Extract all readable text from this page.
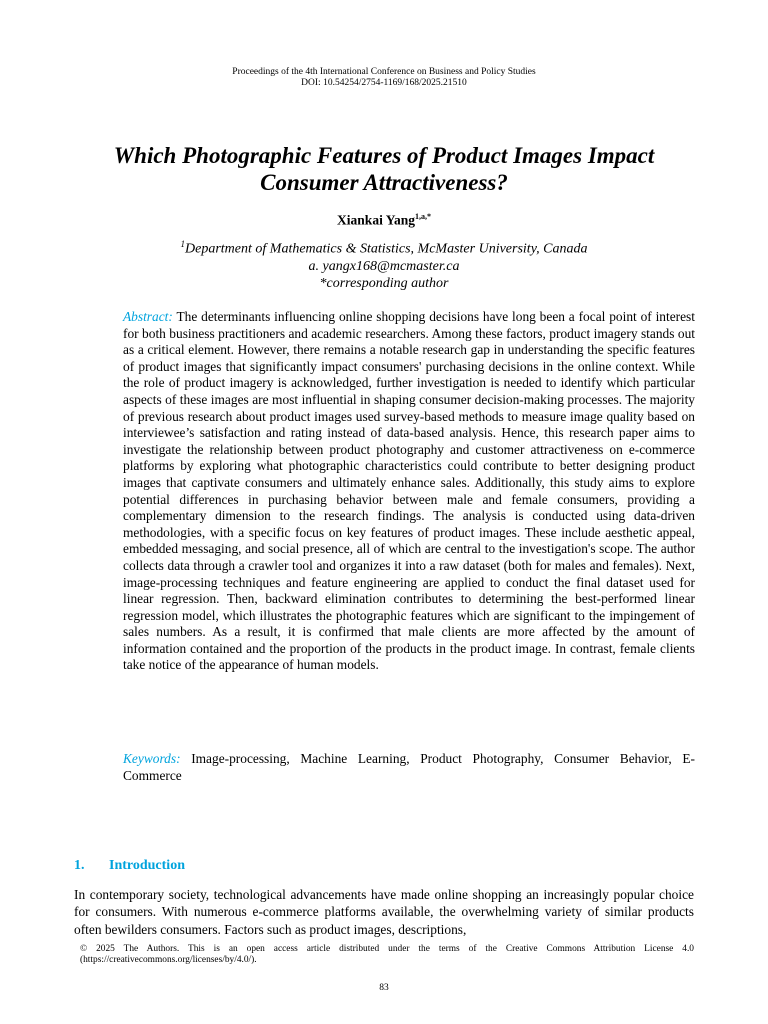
Proceedings of the 4th International Conference on Business and Policy Studies
DOI: 10.54254/2754-1169/168/2025.21510
Which Photographic Features of Product Images Impact
Consumer Attractiveness?
Xiankai Yang$^{1,a,*}$
$^1$Department of Mathematics & Statistics, McMaster University, Canada
a. yangx168@mcmaster.ca
*corresponding author
Abstract: The determinants influencing online shopping decisions have long been a focal point of interest for both business practitioners and academic researchers. Among these factors, product imagery stands out as a critical element. However, there remains a notable research gap in understanding the specific features of product images that significantly impact consumers' purchasing decisions in the online context. While the role of product imagery is acknowledged, further investigation is needed to identify which particular aspects of these images are most influential in shaping consumer decision-making processes. The majority of previous research about product images used survey-based methods to measure image quality based on interviewee’s satisfaction and rating instead of data-based analysis. Hence, this research paper aims to investigate the relationship between product photography and customer attractiveness on e-commerce platforms by exploring what photographic characteristics could contribute to better designing product images that captivate consumers and ultimately enhance sales. Additionally, this study aims to explore potential differences in purchasing behavior between male and female consumers, providing a complementary dimension to the research findings. The analysis is conducted using data-driven methodologies, with a specific focus on key features of product images. These include aesthetic appeal, embedded messaging, and social presence, all of which are central to the investigation's scope. The author collects data through a crawler tool and organizes it into a raw dataset (both for males and females). Next, image-processing techniques and feature engineering are applied to conduct the final dataset used for linear regression. Then, backward elimination contributes to determining the best-performed linear regression model, which illustrates the photographic features which are significant to the impingement of sales numbers. As a result, it is confirmed that male clients are more affected by the amount of information contained and the proportion of the products in the product image. In contrast, female clients take notice of the appearance of human models.
Keywords: Image-processing, Machine Learning, Product Photography, Consumer Behavior, E-Commerce
1. Introduction
In contemporary society, technological advancements have made online shopping an increasingly popular choice for consumers. With numerous e-commerce platforms available, the overwhelming variety of similar products often bewilders consumers. Factors such as product images, descriptions,
© 2025 The Authors. This is an open access article distributed under the terms of the Creative Commons Attribution License 4.0 (https://creativecommons.org/licenses/by/4.0/).
83
